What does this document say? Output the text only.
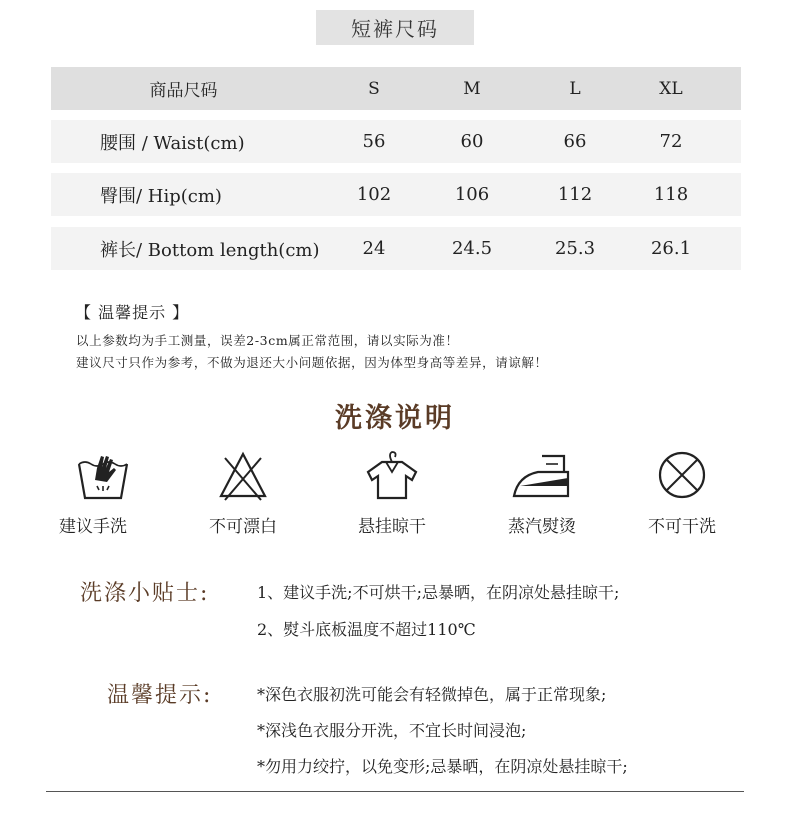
短裤尺码
商品尺码	S	M	L	XL
腰围 / Waist(cm)	56	60	66	72
臀围/ Hip(cm)	102	106	112	118
裤长/ Bottom length(cm)	24	24.5	25.3	26.1
【 温馨提示 】
以上参数均为手工测量，误差2-3cm属正常范围，请以实际为准！
建议尺寸只作为参考，不做为退还大小问题依据，因为体型身高等差异，请谅解！
洗涤说明
建议手洗	不可漂白	悬挂晾干	蒸汽熨烫	不可干洗
洗涤小贴士:	1、建议手洗;不可烘干;忌暴晒，在阴凉处悬挂晾干;
2、熨斗底板温度不超过110℃
温馨提示:	*深色衣服初洗可能会有轻微掉色，属于正常现象;
*深浅色衣服分开洗，不宜长时间浸泡;
*勿用力绞拧，以免变形;忌暴晒，在阴凉处悬挂晾干;
